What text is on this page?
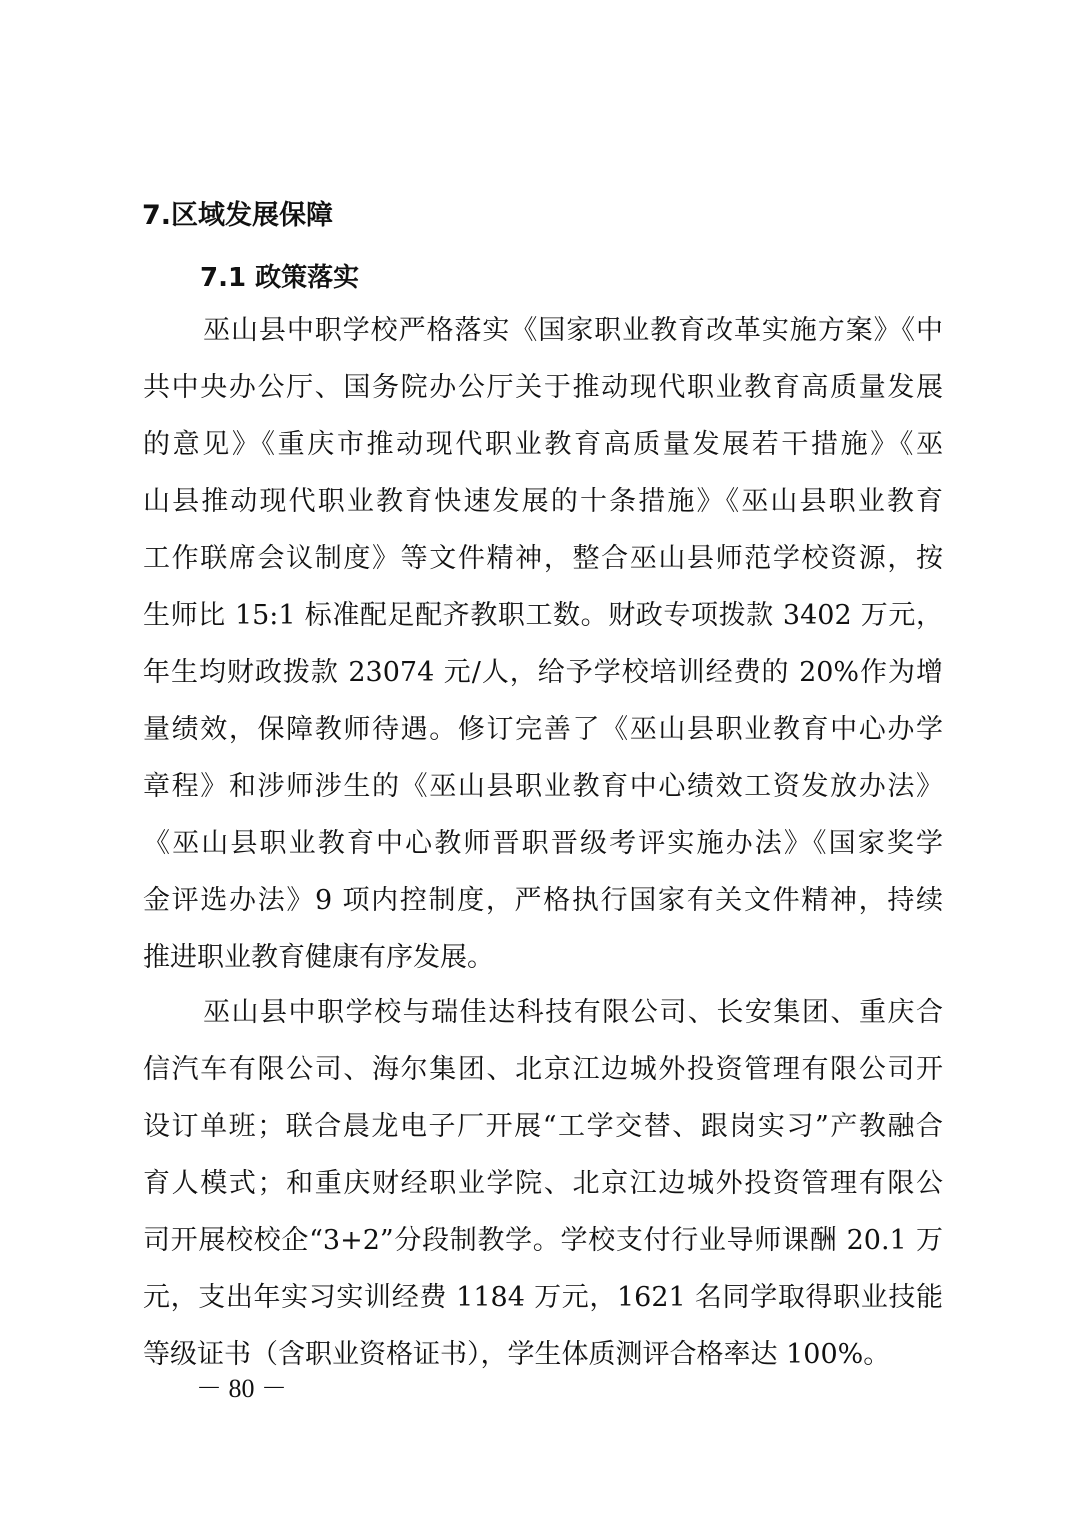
7.区域发展保障
7.1 政策落实

巫山县中职学校严格落实《国家职业教育改革实施方案》《中
共中央办公厅、国务院办公厅关于推动现代职业教育高质量发展
的意见》《重庆市推动现代职业教育高质量发展若干措施》《巫
山县推动现代职业教育快速发展的十条措施》《巫山县职业教育
工作联席会议制度》等文件精神，整合巫山县师范学校资源，按
生师比 15:1 标准配足配齐教职工数。财政专项拨款 3402 万元，
年生均财政拨款 23074 元/人，给予学校培训经费的 20%作为增
量绩效，保障教师待遇。修订完善了《巫山县职业教育中心办学
章程》和涉师涉生的《巫山县职业教育中心绩效工资发放办法》
《巫山县职业教育中心教师晋职晋级考评实施办法》《国家奖学
金评选办法》9 项内控制度，严格执行国家有关文件精神，持续
推进职业教育健康有序发展。

巫山县中职学校与瑞佳达科技有限公司、长安集团、重庆合
信汽车有限公司、海尔集团、北京江边城外投资管理有限公司开
设订单班；联合晨龙电子厂开展“工学交替、跟岗实习”产教融合
育人模式；和重庆财经职业学院、北京江边城外投资管理有限公
司开展校校企“3+2”分段制教学。学校支付行业导师课酬 20.1 万
元，支出年实习实训经费 1184 万元，1621 名同学取得职业技能
等级证书（含职业资格证书），学生体质测评合格率达 100%。

－ 80 －
